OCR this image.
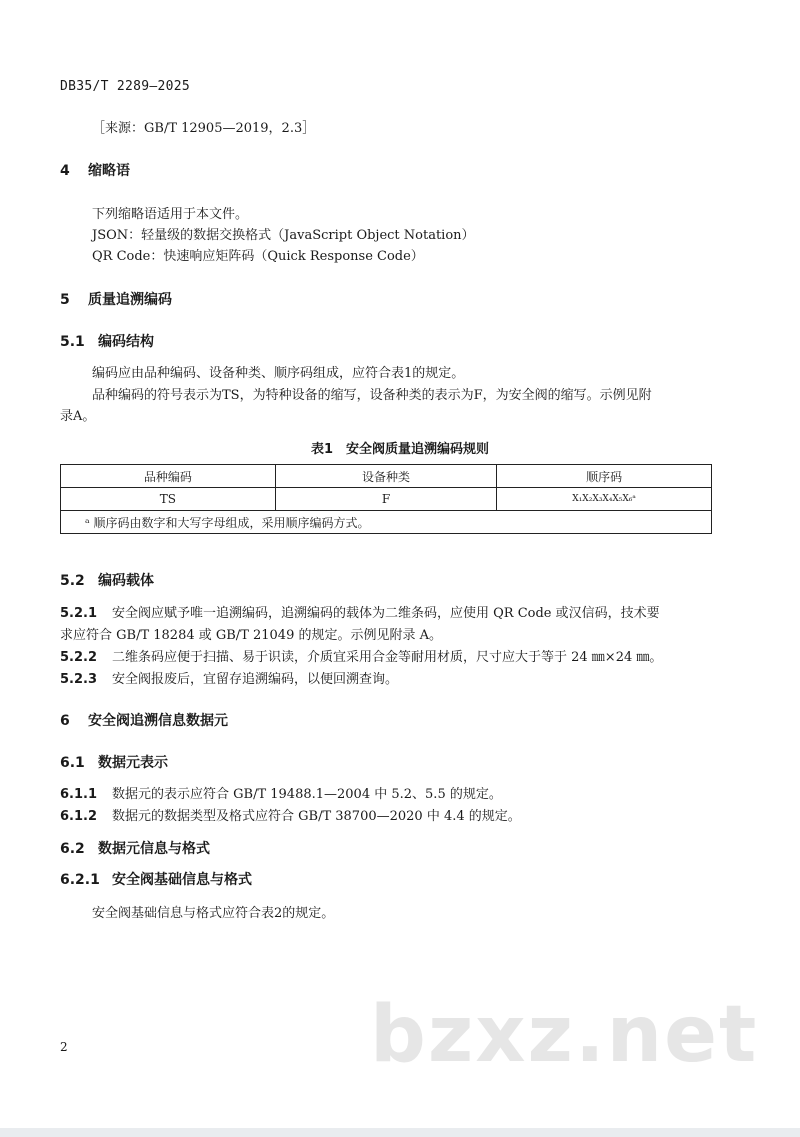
DB35/T 2289—2025
［来源：GB/T 12905—2019，2.3］
4 缩略语
下列缩略语适用于本文件。
JSON：轻量级的数据交换格式（JavaScript Object Notation）
QR Code：快速响应矩阵码（Quick Response Code）
5 质量追溯编码
5.1 编码结构
编码应由品种编码、设备种类、顺序码组成，应符合表1的规定。
品种编码的符号表示为TS，为特种设备的缩写，设备种类的表示为F，为安全阀的缩写。示例见附
录A。
表1　安全阀质量追溯编码规则
品种编码	设备种类	顺序码
TS	F	X₁X₂X₃X₄X₅X₆ᵃ
ᵃ 顺序码由数字和大写字母组成，采用顺序编码方式。		
5.2 编码载体
5.2.1 安全阀应赋予唯一追溯编码，追溯编码的载体为二维条码，应使用 QR Code 或汉信码，技术要
求应符合 GB/T 18284 或 GB/T 21049 的规定。示例见附录 A。
5.2.2 二维条码应便于扫描、易于识读，介质宜采用合金等耐用材质，尺寸应大于等于 24 ㎜×24 ㎜。
5.2.3 安全阀报废后，宜留存追溯编码，以便回溯查询。
6 安全阀追溯信息数据元
6.1 数据元表示
6.1.1 数据元的表示应符合 GB/T 19488.1—2004 中 5.2、5.5 的规定。
6.1.2 数据元的数据类型及格式应符合 GB/T 38700—2020 中 4.4 的规定。
6.2 数据元信息与格式
6.2.1 安全阀基础信息与格式
安全阀基础信息与格式应符合表2的规定。
bzxz.net
2
